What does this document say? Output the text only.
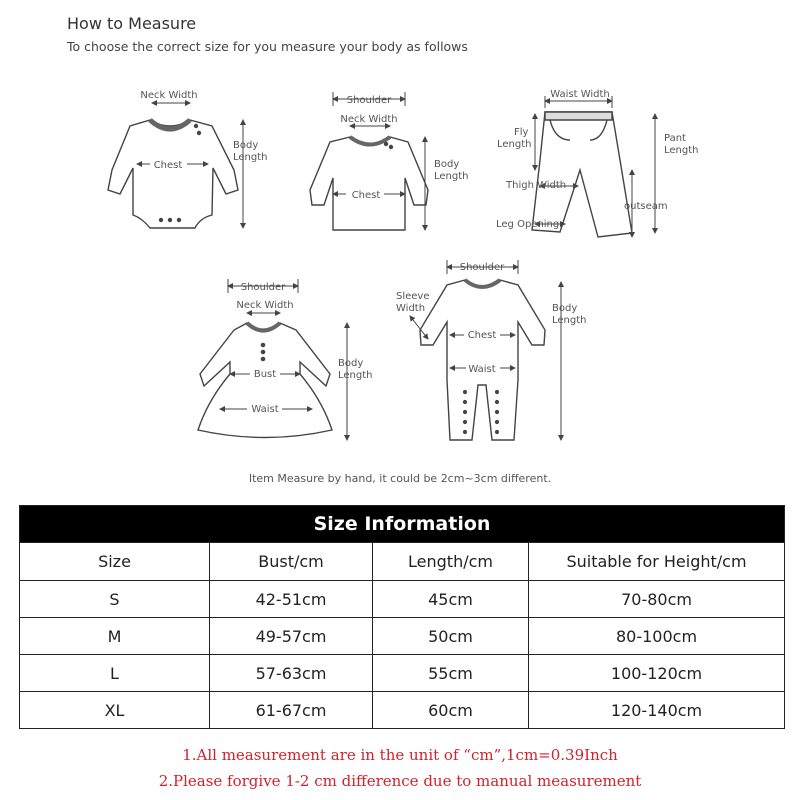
How to Measure
To choose the correct size for you measure your body as follows
Neck Width
Chest
Body
Length
Shoulder
Neck Width
Chest
Body
Length
Waist Width
Fly
Length
Pant
Length
Thigh Width
outseam
Leg Opening
Shoulder
Neck Width
Bust
Waist
Body
Length
Shoulder
Sleeve
Width
Chest
Waist
Body
Length
Item Measure by hand, it could be 2cm~3cm different.
Size Information			
Size	Bust/cm	Length/cm	Suitable for Height/cm
S	42-51cm	45cm	70-80cm
M	49-57cm	50cm	80-100cm
L	57-63cm	55cm	100-120cm
XL	61-67cm	60cm	120-140cm
1.All measurement are in the unit of “cm”,1cm=0.39Inch
2.Please forgive 1-2 cm difference due to manual measurement
